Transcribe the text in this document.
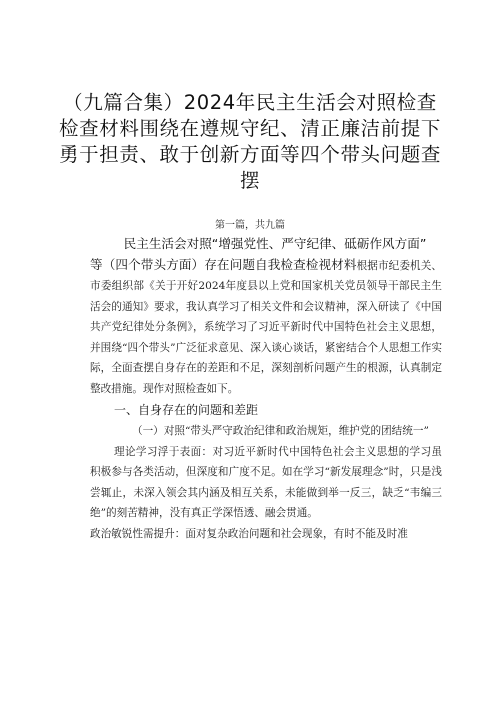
（九篇合集）2024年民主生活会对照检查检查材料围绕在遵规守纪、清正廉洁前提下勇于担责、敢于创新方面等四个带头问题查摆
第一篇，共九篇

民主生活会对照“增强党性、严守纪律、砥砺作风方面”
等（四个带头方面）存在问题自我检查检视材料根据市纪委机关、市委组织部《关于开好2024年度县以上党和国家机关党员领导干部民主生活会的通知》要求，我认真学习了相关文件和会议精神，深入研读了《中国共产党纪律处分条例》，系统学习了习近平新时代中国特色社会主义思想，并围绕“四个带头”广泛征求意见、深入谈心谈话，紧密结合个人思想工作实际，全面查摆自身存在的差距和不足，深刻剖析问题产生的根源，认真制定整改措施。现作对照检查如下。

一、自身存在的问题和差距

（一）对照“带头严守政治纪律和政治规矩，维护党的团结统一”

理论学习浮于表面：对习近平新时代中国特色社会主义思想的学习虽积极参与各类活动，但深度和广度不足。如在学习“新发展理念”时，只是浅尝辄止，未深入领会其内涵及相互关系，未能做到举一反三，缺乏“韦编三绝”的刻苦精神，没有真正学深悟透、融会贯通。

政治敏锐性需提升：面对复杂政治问题和社会现象，有时不能及时准
